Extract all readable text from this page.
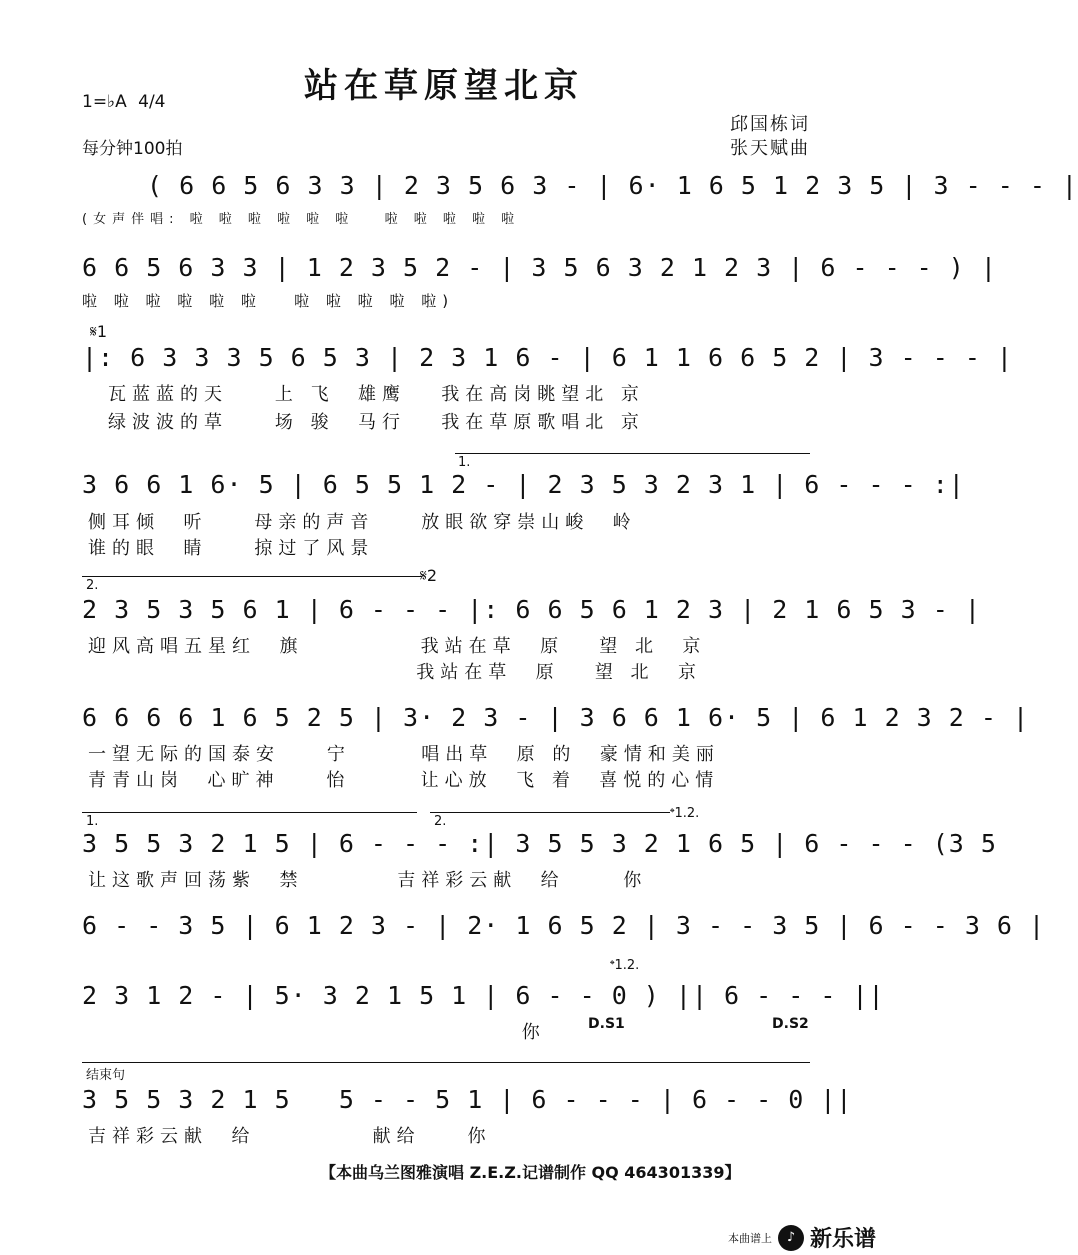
站在草原望北京
1=♭A 4/4
每分钟100拍
邱国栋词
张天赋曲
( 6 6 5 6 3 3 | 2 3 5 6 3 - | 6· 1 6 5 1 2 3 5 | 3 - - - |
(女声伴唱: 啦 啦 啦 啦 啦 啦   啦 啦 啦 啦 啦
6 6 5 6 3 3 | 1 2 3 5 2 - | 3 5 6 3 2 1 2 3 | 6 - - - ) |
啦 啦 啦 啦 啦 啦   啦 啦 啦 啦 啦)
𝄋1
|: 6 3 3 3 5 6 5 3 | 2 3 1 6 - | 6 1 1 6 6 5 2 | 3 - - - |
瓦蓝蓝的天    上 飞  雄鹰   我在高岗眺望北 京
绿波波的草    场 骏  马行   我在草原歌唱北 京
1.
3 6 6 1 6· 5 | 6 5 5 1 2 - | 2 3 5 3 2 3 1 | 6 - - - :|
侧耳倾  听    母亲的声音    放眼欲穿崇山峻  岭
谁的眼  睛    掠过了风景
2.
𝄋2
2 3 5 3 5 6 1 | 6 - - - |: 6 6 5 6 1 2 3 | 2 1 6 5 3 - |
迎风高唱五星红  旗          我站在草  原   望 北  京
我站在草  原   望 北  京
6 6 6 6 1 6 5 2 5 | 3· 2 3 - | 3 6 6 1 6· 5 | 6 1 2 3 2 - |
一望无际的国泰安    宁      唱出草  原 的  豪情和美丽
青青山岗  心旷神    怡      让心放  飞 着  喜悦的心情
1.	2.
𝄌1.2.
3 5 5 3 2 1 5 | 6 - - - :| 3 5 5 3 2 1 6 5 | 6 - - - (3 5
让这歌声回荡紫  禁        吉祥彩云献  给     你
6 - - 3 5 | 6 1 2 3 - | 2· 1 6 5 2 | 3 - - 3 5 | 6 - - 3 6 |
𝄌1.2.
2 3 1 2 - | 5· 3 2 1 5 1 | 6 - - 0 ) || 6 - - - ||
D.S1	D.S2
你
结束句
3 5 5 3 2 1 5   5 - - 5 1 | 6 - - - | 6 - - 0 ||
吉祥彩云献  给          献给    你
【本曲乌兰图雅演唱 Z.E.Z.记谱制作 QQ 464301339】
本曲谱上	♪ 新乐谱
